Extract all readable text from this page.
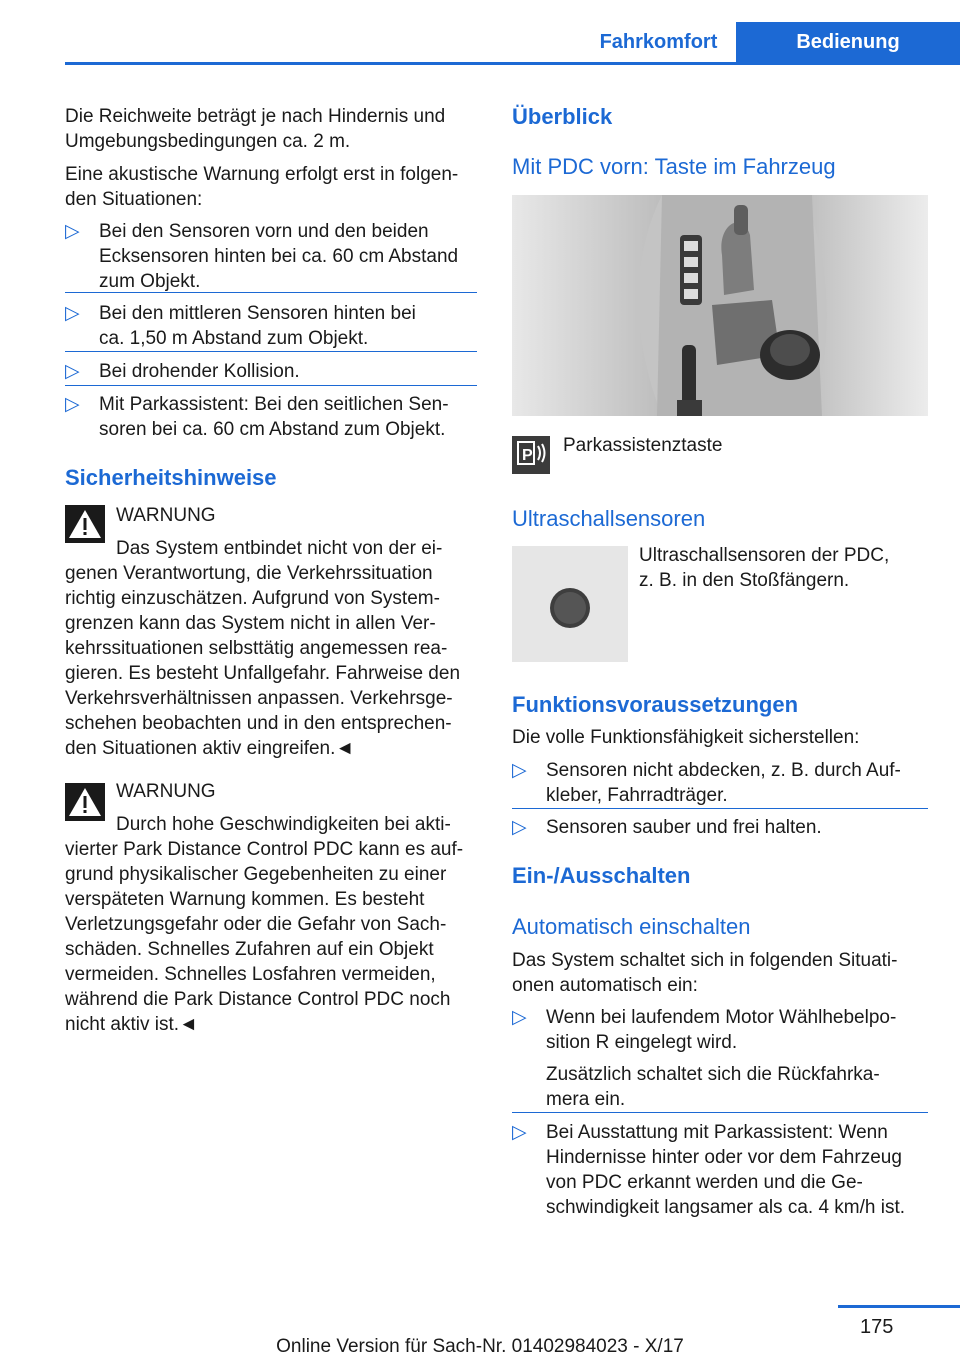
Fahrkomfort	Bedienung
Die Reichweite beträgt je nach Hindernis und
Umgebungsbedingungen ca. 2 m.
Eine akustische Warnung erfolgt erst in folgen-
den Situationen:
▷ Bei den Sensoren vorn und den beiden
Ecksensoren hinten bei ca. 60 cm Abstand
zum Objekt.
▷ Bei den mittleren Sensoren hinten bei
ca. 1,50 m Abstand zum Objekt.
▷ Bei drohender Kollision.
▷ Mit Parkassistent: Bei den seitlichen Sen-
soren bei ca. 60 cm Abstand zum Objekt.
Sicherheitshinweise
WARNUNG
Das System entbindet nicht von der ei-
genen Verantwortung, die Verkehrssituation
richtig einzuschätzen. Aufgrund von System-
grenzen kann das System nicht in allen Ver-
kehrssituationen selbsttätig angemessen rea-
gieren. Es besteht Unfallgefahr. Fahrweise den
Verkehrsverhältnissen anpassen. Verkehrsge-
schehen beobachten und in den entsprechen-
den Situationen aktiv eingreifen.◄
WARNUNG
Durch hohe Geschwindigkeiten bei akti-
vierter Park Distance Control PDC kann es auf-
grund physikalischer Gegebenheiten zu einer
verspäteten Warnung kommen. Es besteht
Verletzungsgefahr oder die Gefahr von Sach-
schäden. Schnelles Zufahren auf ein Objekt
vermeiden. Schnelles Losfahren vermeiden,
während die Park Distance Control PDC noch
nicht aktiv ist.◄
Überblick
Mit PDC vorn: Taste im Fahrzeug
P Parkassistenztaste
Ultraschallsensoren
Ultraschallsensoren der PDC,
z. B. in den Stoßfängern.
Funktionsvoraussetzungen
Die volle Funktionsfähigkeit sicherstellen:
▷ Sensoren nicht abdecken, z. B. durch Auf-
kleber, Fahrradträger.
▷ Sensoren sauber und frei halten.
Ein-/Ausschalten
Automatisch einschalten
Das System schaltet sich in folgenden Situati-
onen automatisch ein:
▷ Wenn bei laufendem Motor Wählhebelpo-
sition R eingelegt wird.
Zusätzlich schaltet sich die Rückfahrka-
mera ein.
▷ Bei Ausstattung mit Parkassistent: Wenn
Hindernisse hinter oder vor dem Fahrzeug
von PDC erkannt werden und die Ge-
schwindigkeit langsamer als ca. 4 km/h ist.
175
Online Version für Sach-Nr. 01402984023 - X/17
